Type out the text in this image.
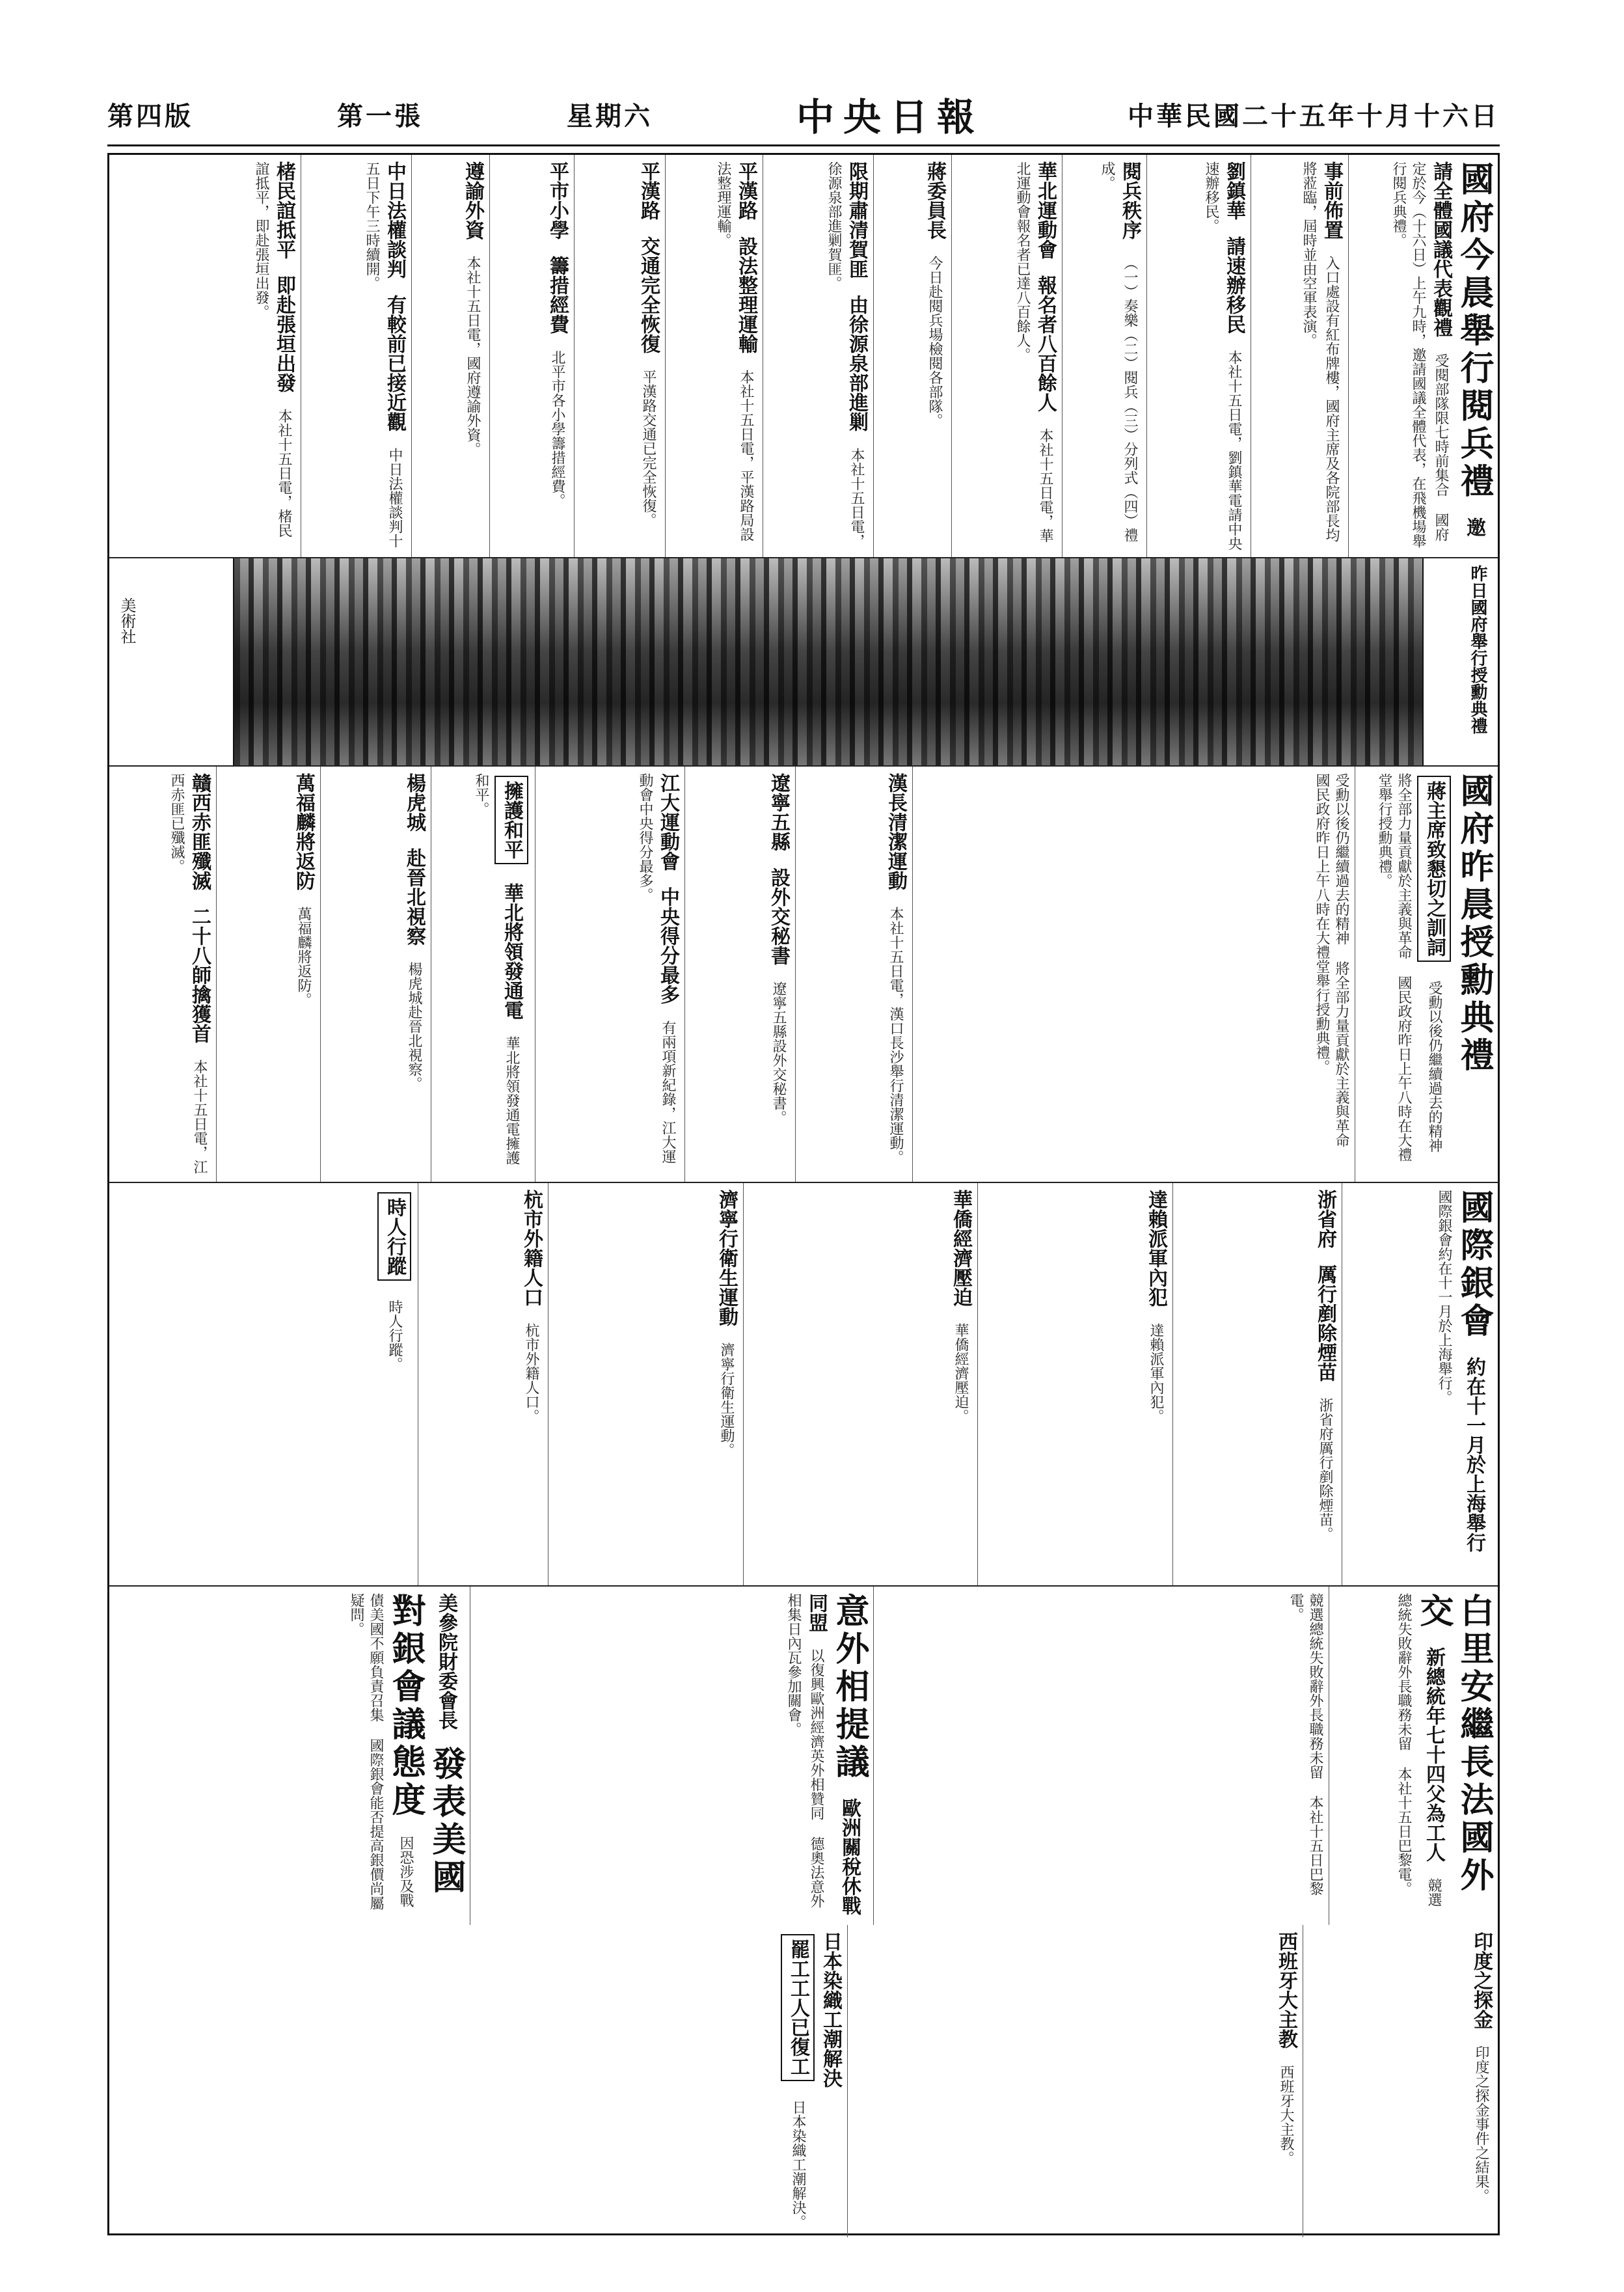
第四版	第一張	星期六	中央日報	中華民國二十五年十月十六日
國府今晨舉行閱兵禮 邀請全體國議代表觀禮 受閱部隊限七時前集合 國府定於今（十六日）上午九時，邀請國議全體代表，在飛機場舉行閱兵典禮。
事前佈置 入口處設有紅布牌樓，國府主席及各院部長均將蒞臨，屆時並由空軍表演。
劉鎮華 請速辦移民 本社十五日電，劉鎮華電請中央速辦移民。
閱兵秩序 （一）奏樂（二）閱兵（三）分列式（四）禮成。
華北運動會 報名者八百餘人 本社十五日電，華北運動會報名者已達八百餘人。
蔣委員長 今日赴閱兵場檢閱各部隊。
限期肅清賀匪 由徐源泉部進剿 本社十五日電，徐源泉部進剿賀匪。
平漢路 設法整理運輸 本社十五日電，平漢路局設法整理運輸。
平漢路 交通完全恢復 平漢路交通已完全恢復。
平市小學 籌措經費 北平市各小學籌措經費。
遵諭外資 本社十五日電，國府遵諭外資。
中日法權談判 有較前已接近觀 中日法權談判十五日下午三時續開。
楮民誼抵平 即赴張垣出發 本社十五日電，楮民誼抵平，即赴張垣出發。
美術社	昨日國府舉行授勳典禮
國府昨晨授勳典禮 蔣主席致懇切之訓詞 受勳以後仍繼續過去的精神 將全部力量貢獻於主義與革命 國民政府昨日上午八時在大禮堂舉行授勳典禮。
受勳以後仍繼續過去的精神 將全部力量貢獻於主義與革命 國民政府昨日上午八時在大禮堂舉行授勳典禮。
漢長清潔運動 本社十五日電，漢口長沙舉行清潔運動。
遼寧五縣 設外交秘書 遼寧五縣設外交秘書。
江大運動會 中央得分最多 有兩項新紀錄，江大運動會中央得分最多。
擁護和平 華北將領發通電 華北將領發通電擁護和平。
楊虎城 赴晉北視察 楊虎城赴晉北視察。
萬福麟將返防 萬福麟將返防。
贛西赤匪殲滅 二十八師擒獲首 本社十五日電，江西赤匪已殲滅。
國際銀會 約在十一月於上海舉行 國際銀會約在十一月於上海舉行。
浙省府 厲行剷除煙苗 浙省府厲行剷除煙苗。
達賴派軍內犯 達賴派軍內犯。
華僑經濟壓迫 華僑經濟壓迫。
濟寧行衛生運動 濟寧行衛生運動。
杭市外籍人口 杭市外籍人口。
時人行蹤 時人行蹤。
白里安繼長法國外交 新總統年七十四父為工人 競選總統失敗辭外長職務未留 本社十五日巴黎電。
競選總統失敗辭外長職務未留 本社十五日巴黎電。
意外相提議 歐洲關稅休戰同盟 以復興歐洲經濟英外相贊同 德奧法意外相集日內瓦參加關會。
美參院財委會長 發表美國對銀會議態度 因恐涉及戰債美國不願負責召集 國際銀會能否提高銀價尚屬疑問。
印度之探金 印度之探金事件之結果。
西班牙大主教 西班牙大主教。
日本染織工潮解決 罷工工人已復工 日本染織工潮解決。
